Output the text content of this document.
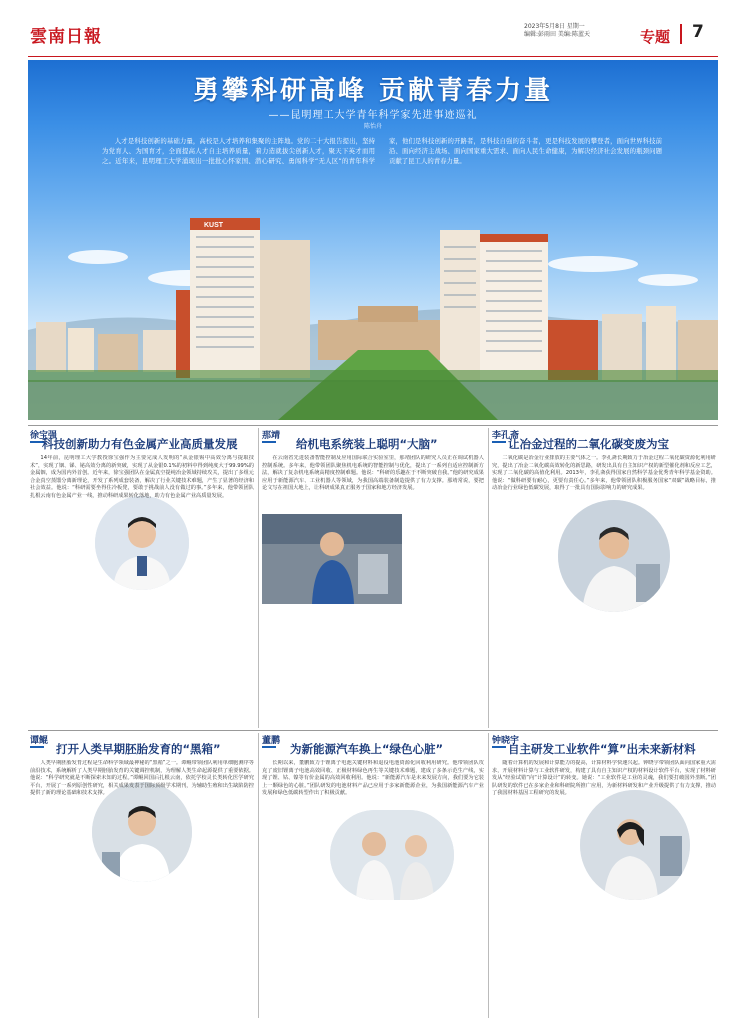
雲南日報
2023年5月8日 星期一
编辑:彭雨田 美编:陈蓝天	专题 7
勇攀科研高峰 贡献青春力量
——昆明理工大学青年科学家先进事迹巡礼
陈怡舟

人才是科技创新的基础力量，高校是人才培养和集聚的主阵地。党的二十大报告提出，坚持为党育人、为国育才，全面提高人才自主培养质量，着力造就拔尖创新人才，聚天下英才而用之。近年来，昆明理工大学涌现出一批批心怀家国、潜心研究、勇闯科学“无人区”的青年科学家，他们是科技创新的开路者，是科技自强的奋斗者，更是科技发展的攀登者，面向世界科技前沿、面向经济主战场、面向国家重大需求、面向人民生命健康，为解决经济社会发展的瓶颈问题贡献了昆工人的青春力量。

KUST
徐宝强
科技创新助力有色金属产业高质量发展

14年前，昆明理工大学教授徐宝强作为主要完成人发明的“从金银锡中高效分离与提取技术”，实现了铟、锑、铋高效分离的新突破，实现了从金银0.1%的初料中得到纯度大于99.99%的金属铟，成为国内外首创。近年来，徐宝强团队在金属真空提纯冶金领域持续攻关，提出了多组元合金真空蒸馏分离新理论，开发了系列成套装备，解决了行业关键技术难题，产生了显著的经济和社会效益。他说：“科研需要坐得住冷板凳，要敢于挑战前人没有做过的事。”多年来，他带领团队扎根云南有色金属产业一线，推动科研成果转化落地，助力有色金属产业高质量发展。

那靖
给机电系统装上聪明“大脑”

在云南省先进装备智能控制及应用国际联合实验室里，那靖团队的研究人员正在调试机器人控制系统。多年来，他带领团队聚焦机电系统的智能控制与优化，提出了一系列自适应控制新方法，解决了复杂机电系统高精度控制难题。他说：“科研的乐趣在于不断突破自我。”他的研究成果应用于新能源汽车、工业机器人等领域，为我国高端装备制造提供了有力支撑。那靖常说，要把论文写在祖国大地上，让科研成果真正服务于国家和地方经济发展。

李孔斋
让冶金过程的二氧化碳变废为宝

二氧化碳是冶金行业排放的主要气体之一。李孔斋长期致力于冶金过程二氧化碳资源化利用研究，提出了冶金二氧化碳高效转化的新思路，研发出具有自主知识产权的新型催化剂和反应工艺，实现了二氧化碳的高值化利用。2013年，李孔斋获得国家自然科学基金优秀青年科学基金资助。他说：“做科研要有耐心，更要有责任心。”多年来，他带领团队积极服务国家“双碳”战略目标，推动冶金行业绿色低碳发展，取得了一批具有国际影响力的研究成果。

谭鲲
打开人类早期胚胎发育的“黑箱”

人类早期胚胎发育过程是生命科学领域最神秘的“黑箱”之一。谭鲲带领团队利用单细胞测序等前沿技术，系统解析了人类早期胚胎发育的关键调控机制，为理解人类生命起源提供了重要依据。他说：“科学研究就是不断探索未知的过程。”谭鲲回国后扎根云南，依托学校灵长类转化医学研究平台，开展了一系列原创性研究，相关成果发表于国际顶级学术期刊，为辅助生殖和出生缺陷防控提供了新的理论基础和技术支撑。

董鹏
为新能源汽车换上“绿色心脏”

长期以来，董鹏致力于锂离子电池关键材料和退役电池资源化回收利用研究。他带领团队攻克了废旧锂离子电池高效回收、正极材料绿色再生等关键技术难题，建成了多条示范生产线，实现了锂、钴、镍等有价金属的高效回收利用。他说：“新能源汽车是未来发展方向，我们要为它装上一颗绿色的心脏。”团队研发的电池材料产品已应用于多家新能源企业，为我国新能源汽车产业发展和绿色低碳转型作出了积极贡献。

钟晓宇
自主研发工业软件“算”出未来新材料

随着计算机的发展和计算能力的提高，计算材料学快速兴起。钟晓宇带领团队面向国家重大需求，开展材料计算与工业软件研发，构建了具有自主知识产权的材料设计软件平台，实现了材料研发从“经验试错”向“计算设计”的转变。她说：“工业软件是工业的灵魂，我们要打破国外垄断。”团队研发的软件已在多家企业和科研院所推广应用，为新材料研发和产业升级提供了有力支撑，推动了我国材料基因工程研究的发展。
